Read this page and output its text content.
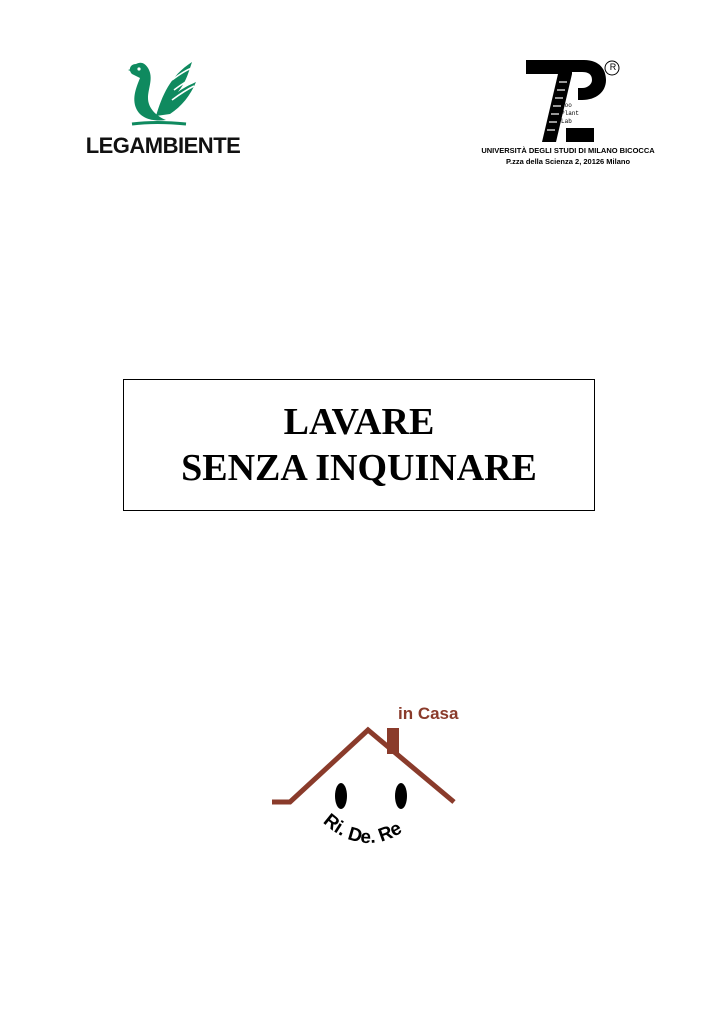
LEGAMBIENTE
R
Zoo
Plant
Lab
UNIVERSITÀ DEGLI STUDI DI MILANO BICOCCA
P.zza della Scienza 2, 20126 Milano
LAVARE
SENZA INQUINARE
Ri. De. Re
in Casa
